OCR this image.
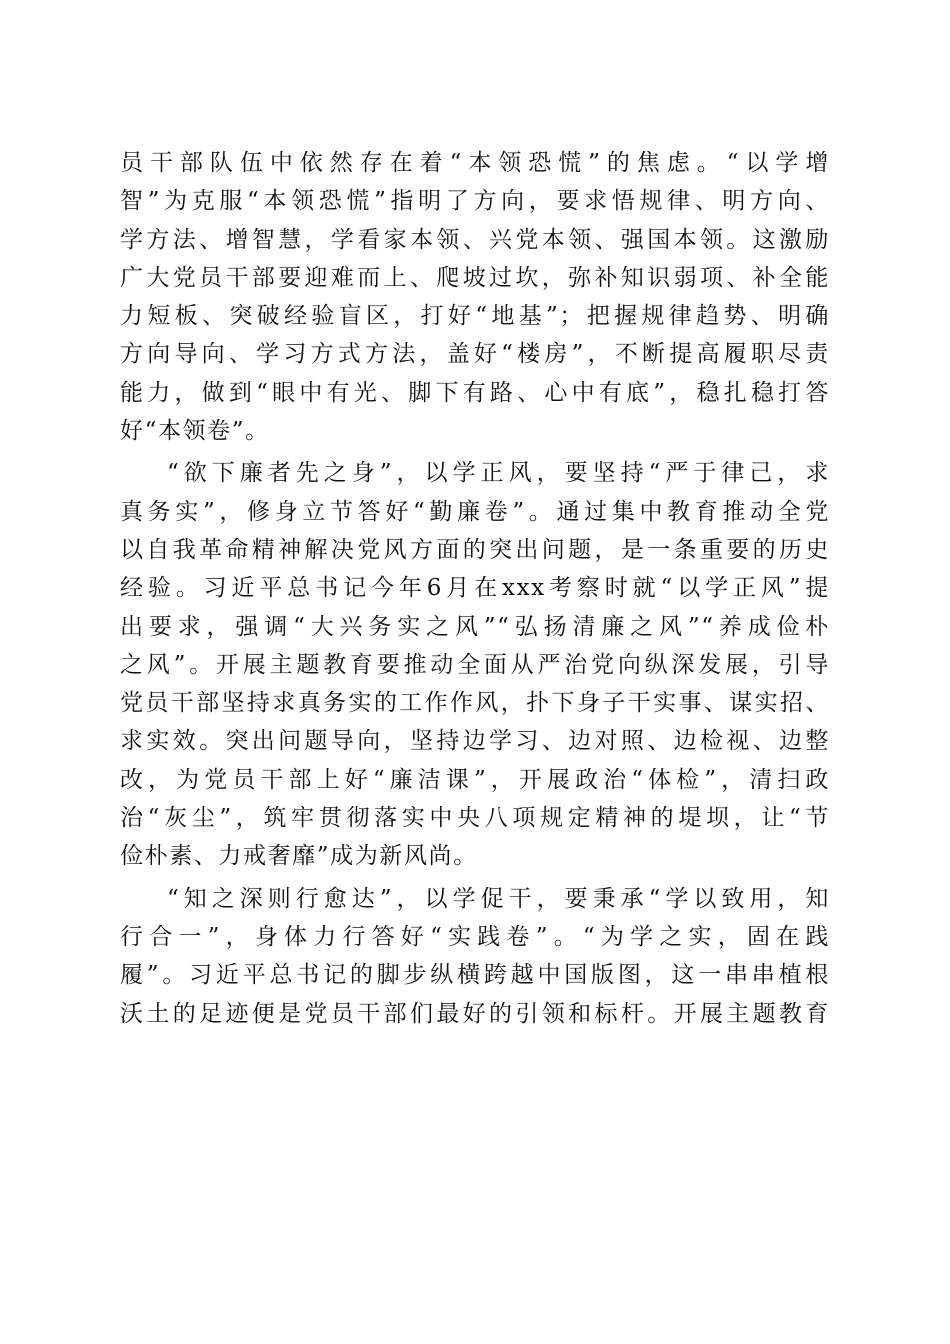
员干部队伍中依然存在着“本领恐慌”的焦虑。“以学增
智”为克服“本领恐慌”指明了方向，要求悟规律、明方向、
学方法、增智慧，学看家本领、兴党本领、强国本领。这激励
广大党员干部要迎难而上、爬坡过坎，弥补知识弱项、补全能
力短板、突破经验盲区，打好“地基”；把握规律趋势、明确
方向导向、学习方式方法，盖好“楼房”，不断提高履职尽责
能力，做到“眼中有光、脚下有路、心中有底”，稳扎稳打答
好“本领卷”。
“欲下廉者先之身”，以学正风，要坚持“严于律己，求
真务实”，修身立节答好“勤廉卷”。通过集中教育推动全党
以自我革命精神解决党风方面的突出问题，是一条重要的历史
经验。习近平总书记今年6月在xxx考察时就“以学正风”提
出要求，强调“大兴务实之风”“弘扬清廉之风”“养成俭朴
之风”。开展主题教育要推动全面从严治党向纵深发展，引导
党员干部坚持求真务实的工作作风，扑下身子干实事、谋实招、
求实效。突出问题导向，坚持边学习、边对照、边检视、边整
改，为党员干部上好“廉洁课”，开展政治“体检”，清扫政
治“灰尘”，筑牢贯彻落实中央八项规定精神的堤坝，让“节
俭朴素、力戒奢靡”成为新风尚。
“知之深则行愈达”，以学促干，要秉承“学以致用，知
行合一”，身体力行答好“实践卷”。“为学之实，固在践
履”。习近平总书记的脚步纵横跨越中国版图，这一串串植根
沃土的足迹便是党员干部们最好的引领和标杆。开展主题教育
